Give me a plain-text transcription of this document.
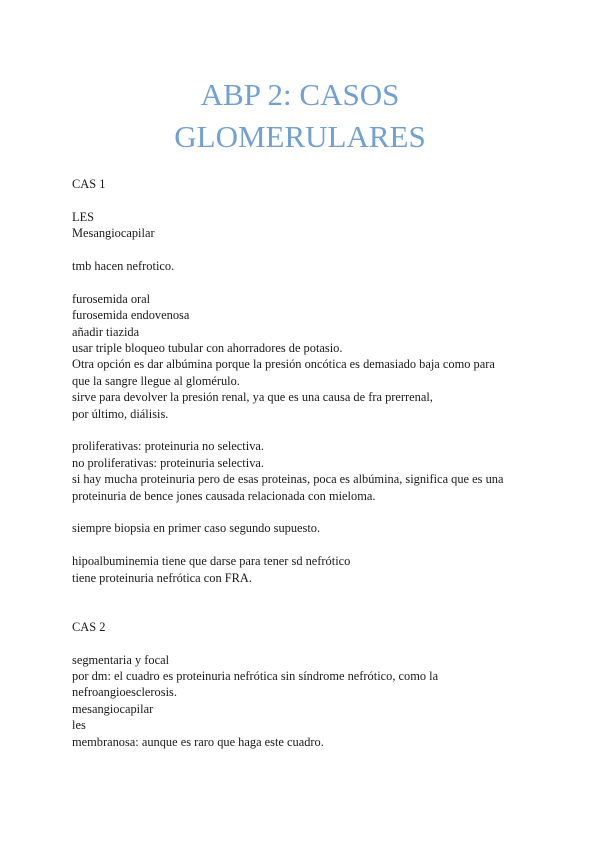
ABP 2: CASOS
GLOMERULARES

CAS 1

LES

Mesangiocapilar

tmb hacen nefrotico.

furosemida oral

furosemida endovenosa

añadir tiazida

usar triple bloqueo tubular con ahorradores de potasio.

Otra opción es dar albúmina porque la presión oncótica es demasiado baja como para

que la sangre llegue al glomérulo.

sirve para devolver la presión renal, ya que es una causa de fra prerrenal,

por último, diálisis.

proliferativas: proteinuria no selectiva.

no proliferativas: proteinuria selectiva.

si hay mucha proteinuria pero de esas proteinas, poca es albúmina, significa que es una

proteinuria de bence jones causada relacionada con mieloma.

siempre biopsia en primer caso segundo supuesto.

hipoalbuminemia tiene que darse para tener sd nefrótico

tiene proteinuria nefrótica con FRA.

CAS 2

segmentaria y focal

por dm: el cuadro es proteinuria nefrótica sin síndrome nefrótico, como la

nefroangioesclerosis.

mesangiocapilar

les

membranosa: aunque es raro que haga este cuadro.
